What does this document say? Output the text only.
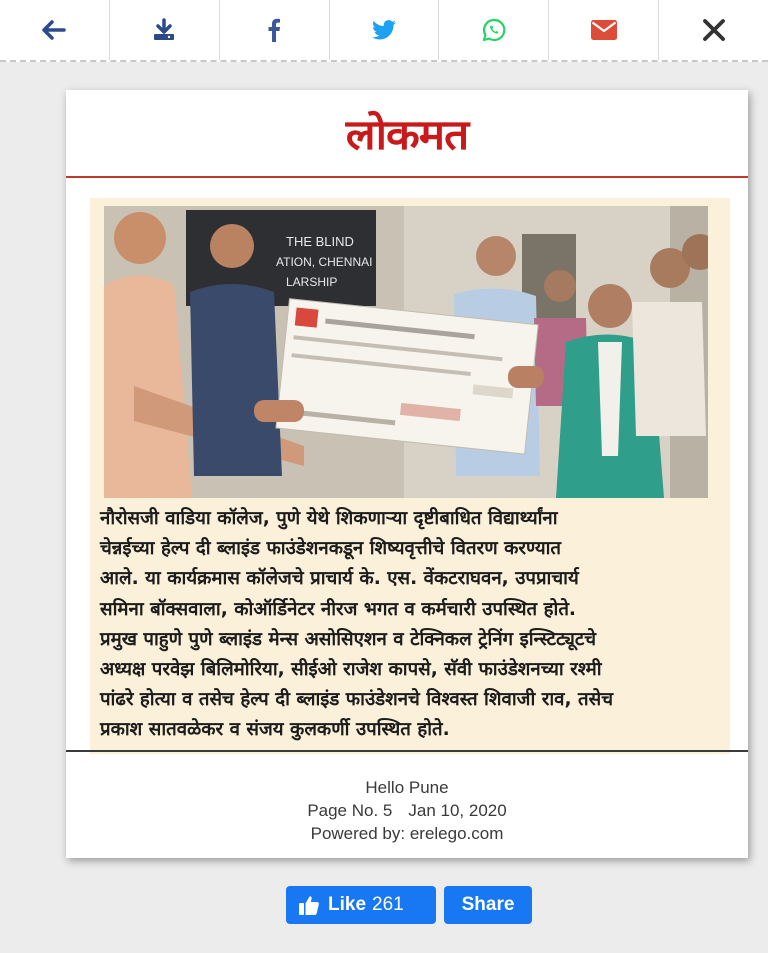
लोकमत
THE BLIND
ATION, CHENNAI
LARSHIP
नौरोसजी वाडिया कॉलेज, पुणे येथे शिकणाऱ्या दृष्टीबाधित विद्यार्थ्यांना
चेन्नईच्या हेल्प दी ब्लाइंड फाउंडेशनकडून शिष्यवृत्तीचे वितरण करण्यात
आले. या कार्यक्रमास कॉलेजचे प्राचार्य के. एस. वेंकटराघवन, उपप्राचार्य
समिना बॉक्सवाला, कोऑर्डिनेटर नीरज भगत व कर्मचारी उपस्थित होते.
प्रमुख पाहुणे पुणे ब्लाइंड मेन्स असोसिएशन व टेक्निकल ट्रेनिंग इन्स्टिट्यूटचे
अध्यक्ष परवेझ बिलिमोरिया, सीईओ राजेश कापसे, सॅवी फाउंडेशनच्या रश्मी
पांढरे होत्या व तसेच हेल्प दी ब्लाइंड फाउंडेशनचे विश्वस्त शिवाजी राव, तसेच
प्रकाश सातवळेकर व संजय कुलकर्णी उपस्थित होते.
Hello Pune
Page No. 5 Jan 10, 2020
Powered by: erelego.com
Like 261	Share
